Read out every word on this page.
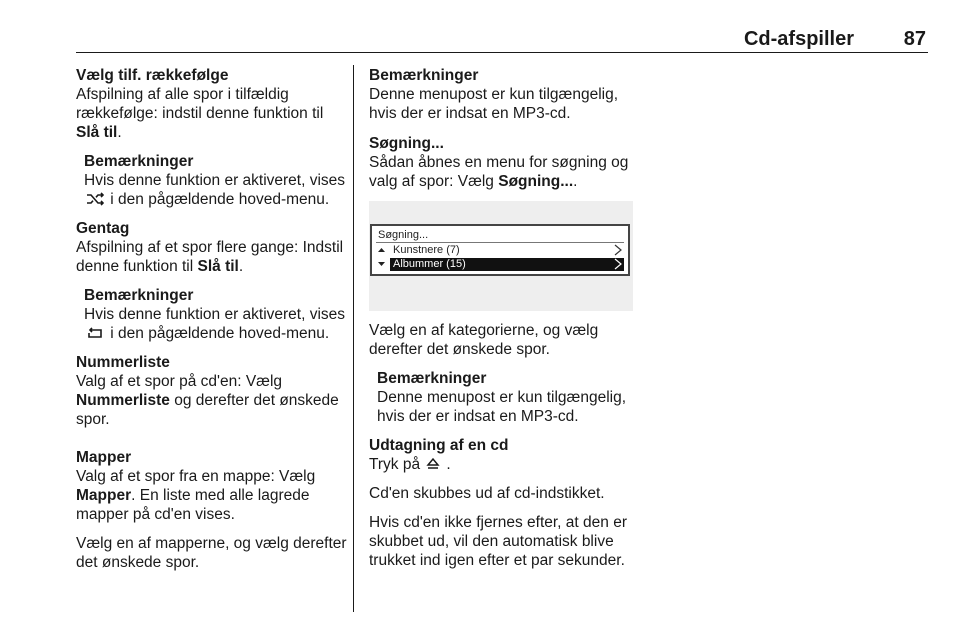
Cd-afspiller 87

Vælg tilf. rækkefølge
Afspilning af alle spor i tilfældig rækkefølge: indstil denne funktion til Slå til.

Bemærkninger
Hvis denne funktion er aktiveret, vises  i den pågældende hoved-menu.

Gentag
Afspilning af et spor flere gange: Indstil denne funktion til Slå til.

Bemærkninger
Hvis denne funktion er aktiveret, vises  i den pågældende hoved-menu.

Nummerliste
Valg af et spor på cd'en: Vælg Nummerliste og derefter det ønskede spor.

Mapper
Valg af et spor fra en mappe: Vælg Mapper. En liste med alle lagrede mapper på cd'en vises.

Vælg en af mapperne, og vælg derefter det ønskede spor.

Bemærkninger
Denne menupost er kun tilgængelig, hvis der er indsat en MP3-cd.

Søgning...
Sådan åbnes en menu for søgning og valg af spor: Vælg Søgning....

Søgning...
Kunstnere (7)
Albummer (15)

Vælg en af kategorierne, og vælg derefter det ønskede spor.

Bemærkninger
Denne menupost er kun tilgængelig, hvis der er indsat en MP3-cd.

Udtagning af en cd
Tryk på .

Cd'en skubbes ud af cd-indstikket.

Hvis cd'en ikke fjernes efter, at den er skubbet ud, vil den automatisk blive trukket ind igen efter et par sekunder.
